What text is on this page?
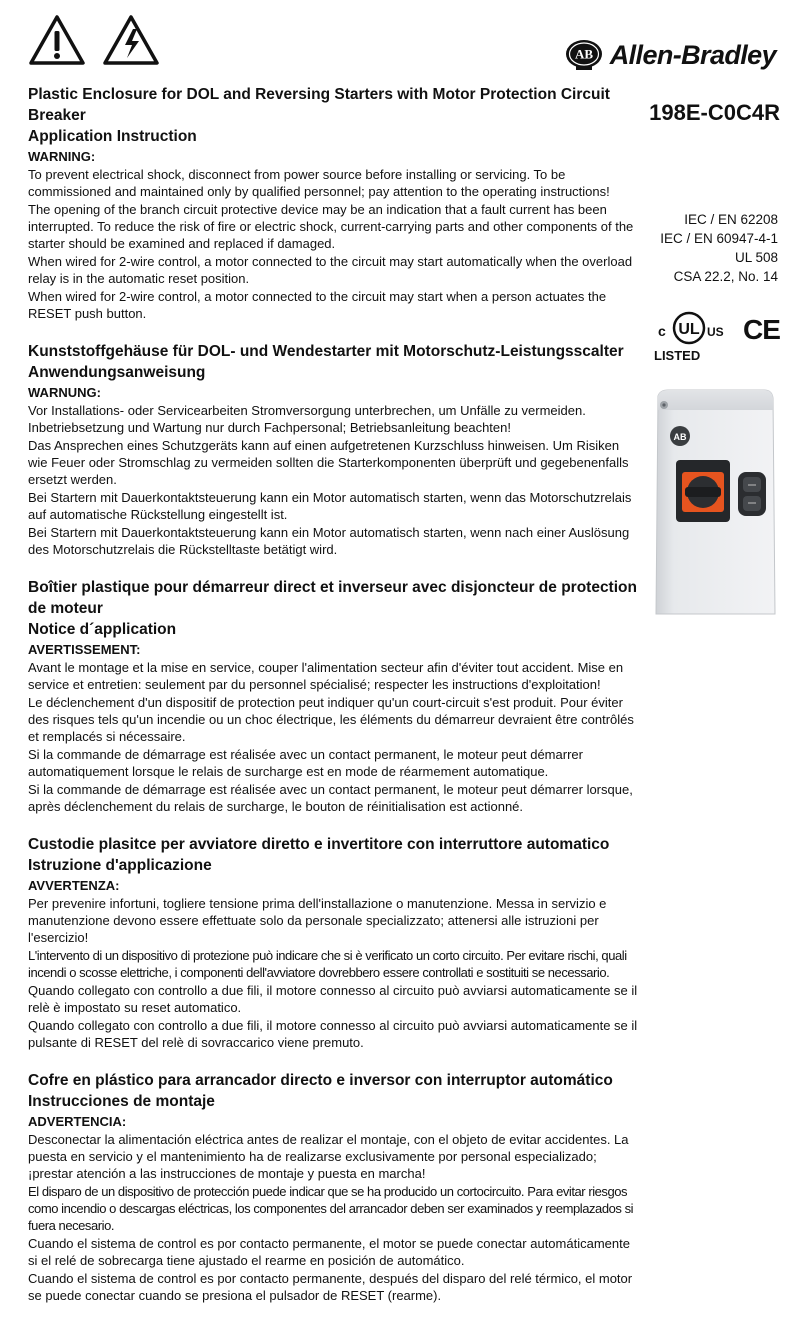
AB Allen-Bradley
198E-C0C4R
IEC / EN 62208
IEC / EN 60947-4-1
UL 508
CSA 22.2, No. 14
c UL US CE
LISTED
AB
Plastic Enclosure for DOL and Reversing Starters with Motor Protection Circuit Breaker
Application Instruction
WARNING:

To prevent electrical shock, disconnect from power source before installing or servicing. To be commissioned and maintained only by qualified personnel; pay attention to the operating instructions!

The opening of the branch circuit protective device may be an indication that a fault current has been interrupted. To reduce the risk of fire or electric shock, current-carrying parts and other components of the starter should be examined and replaced if damaged.

When wired for 2-wire control, a motor connected to the circuit may start automatically when the overload relay is in the automatic reset position.

When wired for 2-wire control, a motor connected to the circuit may start when a person actuates the RESET push button.

Kunststoffgehäuse für DOL- und Wendestarter mit Motorschutz-Leistungsscalter
Anwendungsanweisung
WARNUNG:

Vor Installations- oder Servicearbeiten Stromversorgung unterbrechen, um Unfälle zu vermeiden. Inbetriebsetzung und Wartung nur durch Fachpersonal; Betriebsanleitung beachten!

Das Ansprechen eines Schutzgeräts kann auf einen aufgetretenen Kurzschluss hinweisen. Um Risiken wie Feuer oder Stromschlag zu vermeiden sollten die Starterkomponenten überprüft und gegebenenfalls ersetzt werden.

Bei Startern mit Dauerkontaktsteuerung kann ein Motor automatisch starten, wenn das Motorschutzrelais auf automatische Rückstellung eingestellt ist.

Bei Startern mit Dauerkontaktsteuerung kann ein Motor automatisch starten, wenn nach einer Auslösung des Motorschutzrelais die Rückstelltaste betätigt wird.

Boîtier plastique pour démarreur direct et inverseur avec disjoncteur de protection de moteur
Notice d´application
AVERTISSEMENT:

Avant le montage et la mise en service, couper l'alimentation secteur afin d'éviter tout accident. Mise en service et entretien: seulement par du personnel spécialisé; respecter les instructions d'exploitation!

Le déclenchement d'un dispositif de protection peut indiquer qu'un court-circuit s'est produit. Pour éviter des risques tels qu'un incendie ou un choc électrique, les éléments du démarreur devraient être contrôlés et remplacés si nécessaire.

Si la commande de démarrage est réalisée avec un contact permanent, le moteur peut démarrer automatiquement lorsque le relais de surcharge est en mode de réarmement automatique.

Si la commande de démarrage est réalisée avec un contact permanent, le moteur peut démarrer lorsque, après déclenchement du relais de surcharge, le bouton de réinitialisation est actionné.

Custodie plasitce per avviatore diretto e invertitore con interruttore automatico
Istruzione d'applicazione
AVVERTENZA:

Per prevenire infortuni, togliere tensione prima dell'installazione o manutenzione. Messa in servizio e manutenzione devono essere effettuate solo da personale specializzato; attenersi alle istruzioni per l'esercizio!

L'intervento di un dispositivo di protezione può indicare che si è verificato un corto circuito. Per evitare rischi, quali incendi o scosse elettriche, i componenti dell'avviatore dovrebbero essere controllati e sostituiti se necessario.

Quando collegato con controllo a due fili, il motore connesso al circuito può avviarsi automaticamente se il relè è impostato su reset automatico.

Quando collegato con controllo a due fili, il motore connesso al circuito può avviarsi automaticamente se il pulsante di RESET del relè di sovraccarico viene premuto.

Cofre en plástico para arrancador directo e inversor con interruptor automático
Instrucciones de montaje
ADVERTENCIA:

Desconectar la alimentación eléctrica antes de realizar el montaje, con el objeto de evitar accidentes. La puesta en servicio y el mantenimiento ha de realizarse exclusivamente por personal especializado; ¡prestar atención a las instrucciones de montaje y puesta en marcha!

El disparo de un dispositivo de protección puede indicar que se ha producido un cortocircuito. Para evitar riesgos como incendio o descargas eléctricas, los componentes del arrancador deben ser examinados y reemplazados si fuera necesario.

Cuando el sistema de control es por contacto permanente, el motor se puede conectar automáticamente si el relé de sobrecarga tiene ajustado el rearme en posición de automático.

Cuando el sistema de control es por contacto permanente, después del disparo del relé térmico, el motor se puede conectar cuando se presiona el pulsador de RESET (rearme).
